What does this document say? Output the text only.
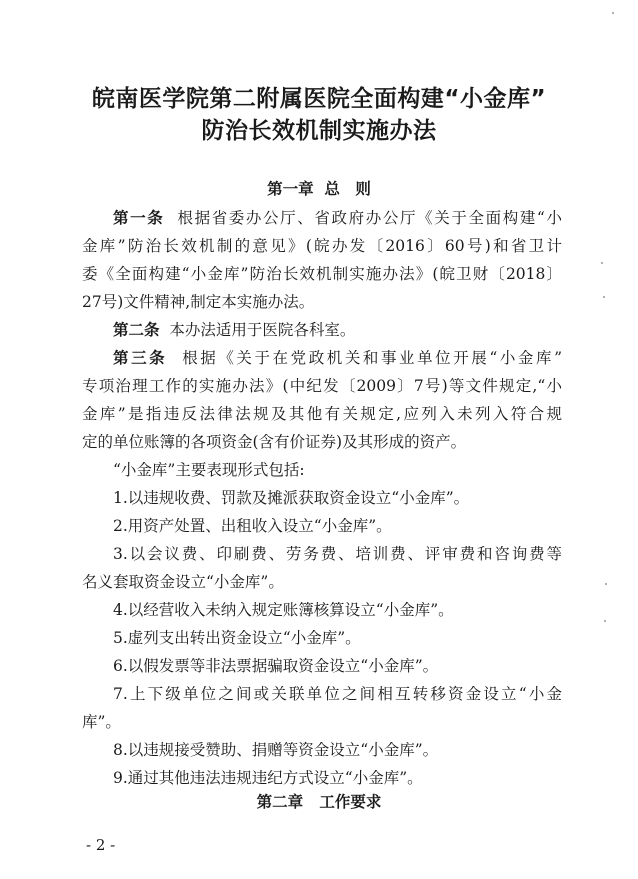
皖南医学院第二附属医院全面构建“小金库”
防治长效机制实施办法
第一章 总　则
第一条 根据省委办公厅、省政府办公厅《关于全面构建“小
金库”防治长效机制的意见》(皖办发〔2016〕60号)和省卫计
委《全面构建“小金库”防治长效机制实施办法》(皖卫财〔2018〕
27号)文件精神,制定本实施办法。
第二条 本办法适用于医院各科室。
第三条 根据《关于在党政机关和事业单位开展“小金库”
专项治理工作的实施办法》(中纪发〔2009〕7号)等文件规定,“小
金库”是指违反法律法规及其他有关规定,应列入未列入符合规
定的单位账簿的各项资金(含有价证券)及其形成的资产。
“小金库”主要表现形式包括:
1.以违规收费、罚款及摊派获取资金设立“小金库”。
2.用资产处置、出租收入设立“小金库”。
3.以会议费、印刷费、劳务费、培训费、评审费和咨询费等
名义套取资金设立“小金库”。
4.以经营收入未纳入规定账簿核算设立“小金库”。
5.虚列支出转出资金设立“小金库”。
6.以假发票等非法票据骗取资金设立“小金库”。
7.上下级单位之间或关联单位之间相互转移资金设立“小金
库”。
8.以违规接受赞助、捐赠等资金设立“小金库”。
9.通过其他违法违规违纪方式设立“小金库”。
第二章 工作要求
- 2 -
